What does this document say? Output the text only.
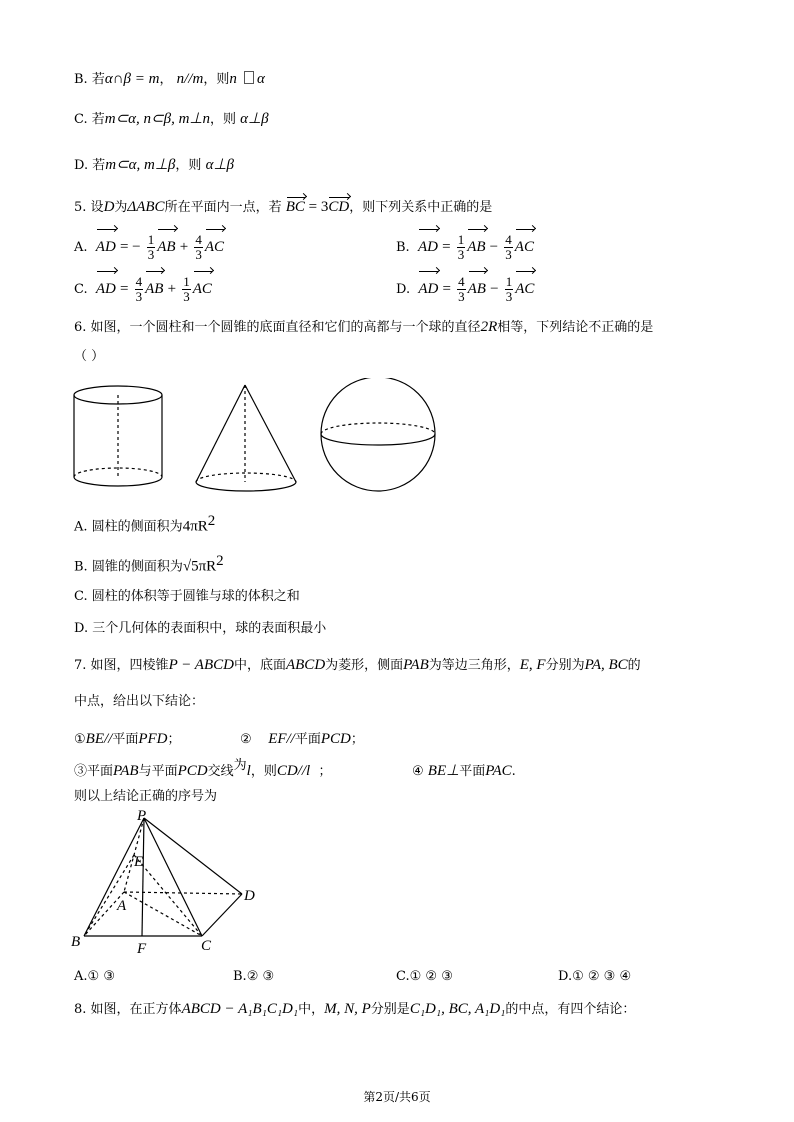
B. 若α∩β = m， n//m，则n α
C. 若m⊂α, n⊂β, m⊥n，则 α⊥β
D. 若m⊂α, m⊥β，则 α⊥β
5. 设D为ΔABC所在平面内一点，若 BC = 3CD，则下列关系中正确的是
A. AD = − $\frac{1}{3}$ AB + $\frac{4}{3}$ AC	B. AD = $\frac{1}{3}$ AB − $\frac{4}{3}$ AC
C. AD = $\frac{4}{3}$ AB + $\frac{1}{3}$ AC	D. AD = $\frac{4}{3}$ AB − $\frac{1}{3}$ AC
6. 如图，一个圆柱和一个圆锥的底面直径和它们的高都与一个球的直径2R相等，下列结论不正确的是
（ ）
A. 圆柱的侧面积为$4\pi R^2$
B. 圆锥的侧面积为$√5\pi R^2$
C. 圆柱的体积等于圆锥与球的体积之和
D. 三个几何体的表面积中，球的表面积最小
7. 如图，四棱锥P − ABCD中，底面ABCD为菱形，侧面PAB为等边三角形，E, F分别为PA, BC的
中点，给出以下结论：
①BE//平面PFD；	② EF//平面PCD；
③平面PAB与平面PCD交线为l，则CD//l ；	④ BE⊥平面PAC.
则以上结论正确的序号为
P
E
A
D
B	F	C
A.① ③	B.② ③	C.① ② ③	D.① ② ③ ④
8. 如图，在正方体ABCD − A₁B₁C₁D₁中，M, N, P分别是C₁D₁, BC, A₁D₁的中点，有四个结论：
第2页/共6页
